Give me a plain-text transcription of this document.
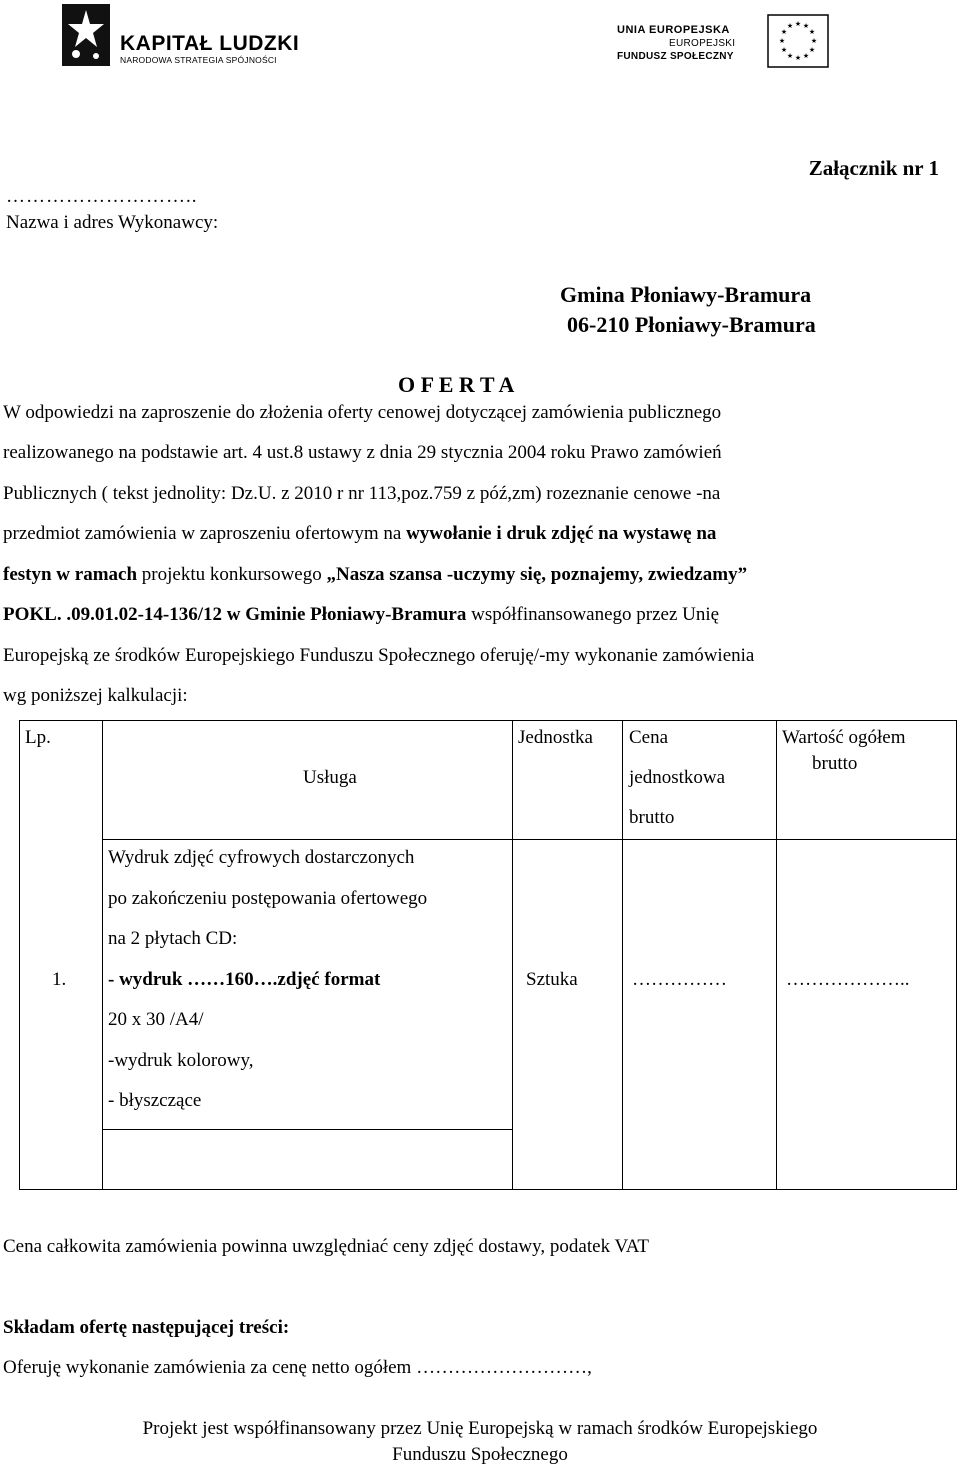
KAPITAŁ LUDZKI
NARODOWA STRATEGIA SPÓJNOŚCI
UNIA EUROPEJSKA
EUROPEJSKI
FUNDUSZ SPOŁECZNY
★ ★
★
★
★
★
★
★
★
★
★
★
Załącznik nr 1
………………………..
Nazwa i adres Wykonawcy:
Gmina Płoniawy-Bramura
06-210 Płoniawy-Bramura
O F E R T A
W odpowiedzi na zaproszenie do złożenia oferty cenowej dotyczącej zamówienia publicznego
realizowanego na podstawie art. 4 ust.8 ustawy z dnia 29 stycznia 2004 roku Prawo zamówień
Publicznych ( tekst jednolity: Dz.U. z 2010 r nr 113,poz.759 z póź,zm) rozeznanie cenowe -na
przedmiot zamówienia w zaproszeniu ofertowym na wywołanie i druk zdjęć na wystawę na
festyn w ramach projektu konkursowego „Nasza szansa -uczymy się, poznajemy, zwiedzamy”
POKL. .09.01.02-14-136/12 w Gminie Płoniawy-Bramura współfinansowanego przez Unię
Europejską ze środków Europejskiego Funduszu Społecznego oferuję/-my wykonanie zamówienia
wg poniższej kalkulacji:
Lp.
Usługa
Jednostka Cena
jednostkowa
brutto
Wartość ogółem
brutto
1.
Wydruk zdjęć cyfrowych dostarczonych
po zakończeniu postępowania ofertowego
na 2 płytach CD:
- wydruk ……160….zdjęć format
20 x 30 /A4/
-wydruk kolorowy,
- błyszczące
Sztuka	……………	………………..
Cena całkowita zamówienia powinna uwzględniać ceny zdjęć dostawy, podatek VAT
Składam ofertę następującej treści:
Oferuję wykonanie zamówienia za cenę netto ogółem ………………………,
Projekt jest współfinansowany przez Unię Europejską w ramach środków Europejskiego
Funduszu Społecznego
